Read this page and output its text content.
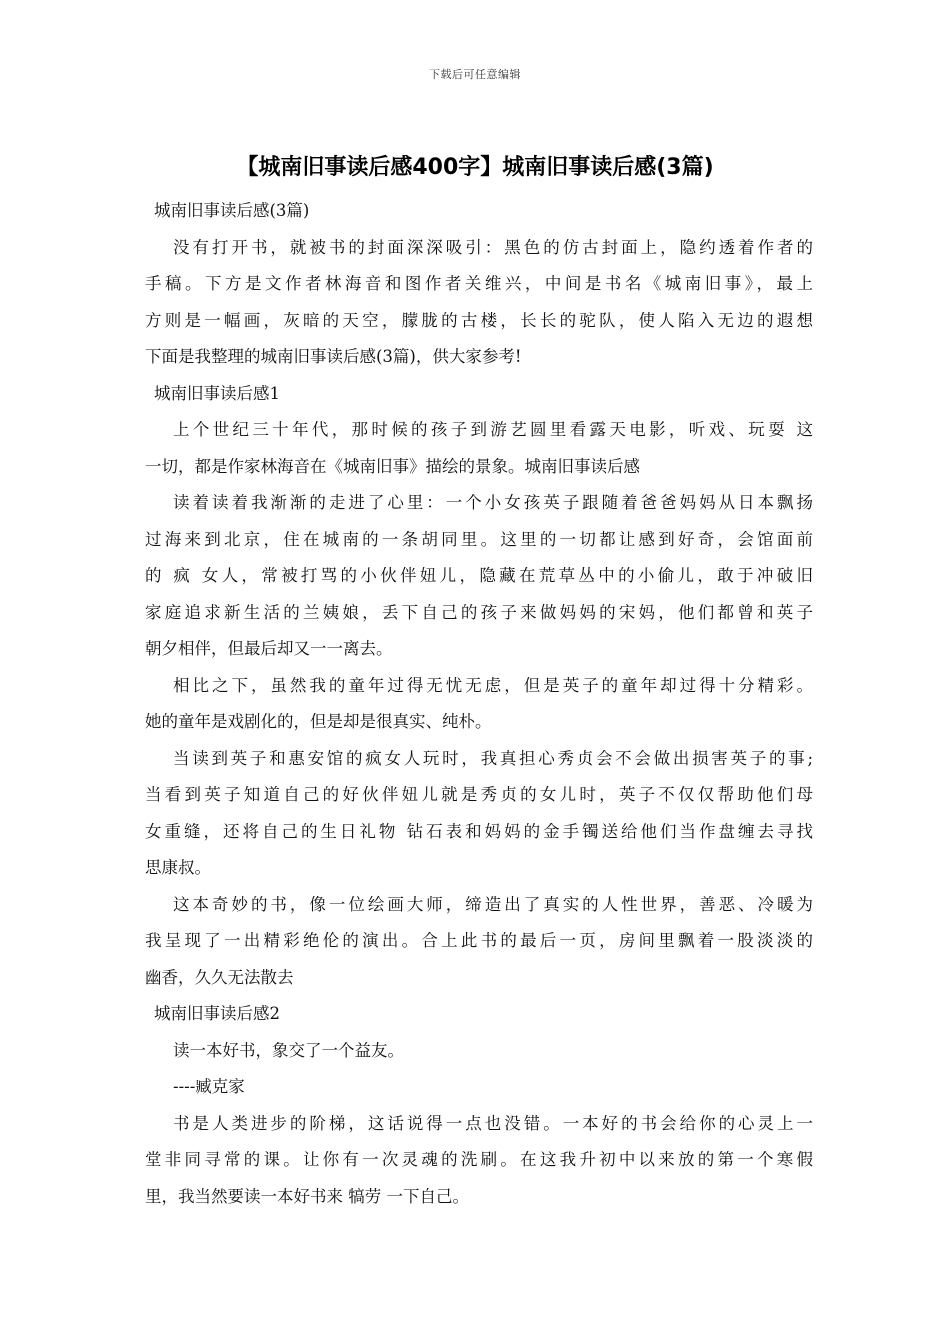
下载后可任意编辑
【城南旧事读后感400字】城南旧事读后感(3篇)
城南旧事读后感(3篇)
没有打开书，就被书的封面深深吸引：黑色的仿古封面上，隐约透着作者的
手稿。下方是文作者林海音和图作者关维兴，中间是书名《城南旧事》，最上
方则是一幅画，灰暗的天空，朦胧的古楼，长长的驼队，使人陷入无边的遐想
下面是我整理的城南旧事读后感(3篇)，供大家参考!
城南旧事读后感1
上个世纪三十年代，那时候的孩子到游艺圆里看露天电影，听戏、玩耍 这
一切，都是作家林海音在《城南旧事》描绘的景象。城南旧事读后感
读着读着我渐渐的走进了心里：一个小女孩英子跟随着爸爸妈妈从日本飘扬
过海来到北京，住在城南的一条胡同里。这里的一切都让感到好奇，会馆面前
的 疯 女人，常被打骂的小伙伴妞儿，隐藏在荒草丛中的小偷儿，敢于冲破旧
家庭追求新生活的兰姨娘，丢下自己的孩子来做妈妈的宋妈，他们都曾和英子
朝夕相伴，但最后却又一一离去。
相比之下，虽然我的童年过得无忧无虑，但是英子的童年却过得十分精彩。
她的童年是戏剧化的，但是却是很真实、纯朴。
当读到英子和惠安馆的疯女人玩时，我真担心秀贞会不会做出损害英子的事;
当看到英子知道自己的好伙伴妞儿就是秀贞的女儿时，英子不仅仅帮助他们母
女重缝，还将自己的生日礼物 钻石表和妈妈的金手镯送给他们当作盘缠去寻找
思康叔。
这本奇妙的书，像一位绘画大师，缔造出了真实的人性世界，善恶、冷暖为
我呈现了一出精彩绝伦的演出。合上此书的最后一页，房间里飘着一股淡淡的
幽香，久久无法散去
城南旧事读后感2
读一本好书，象交了一个益友。
----臧克家
书是人类进步的阶梯，这话说得一点也没错。一本好的书会给你的心灵上一
堂非同寻常的课。让你有一次灵魂的洗刷。在这我升初中以来放的第一个寒假
里，我当然要读一本好书来 犒劳 一下自己。
